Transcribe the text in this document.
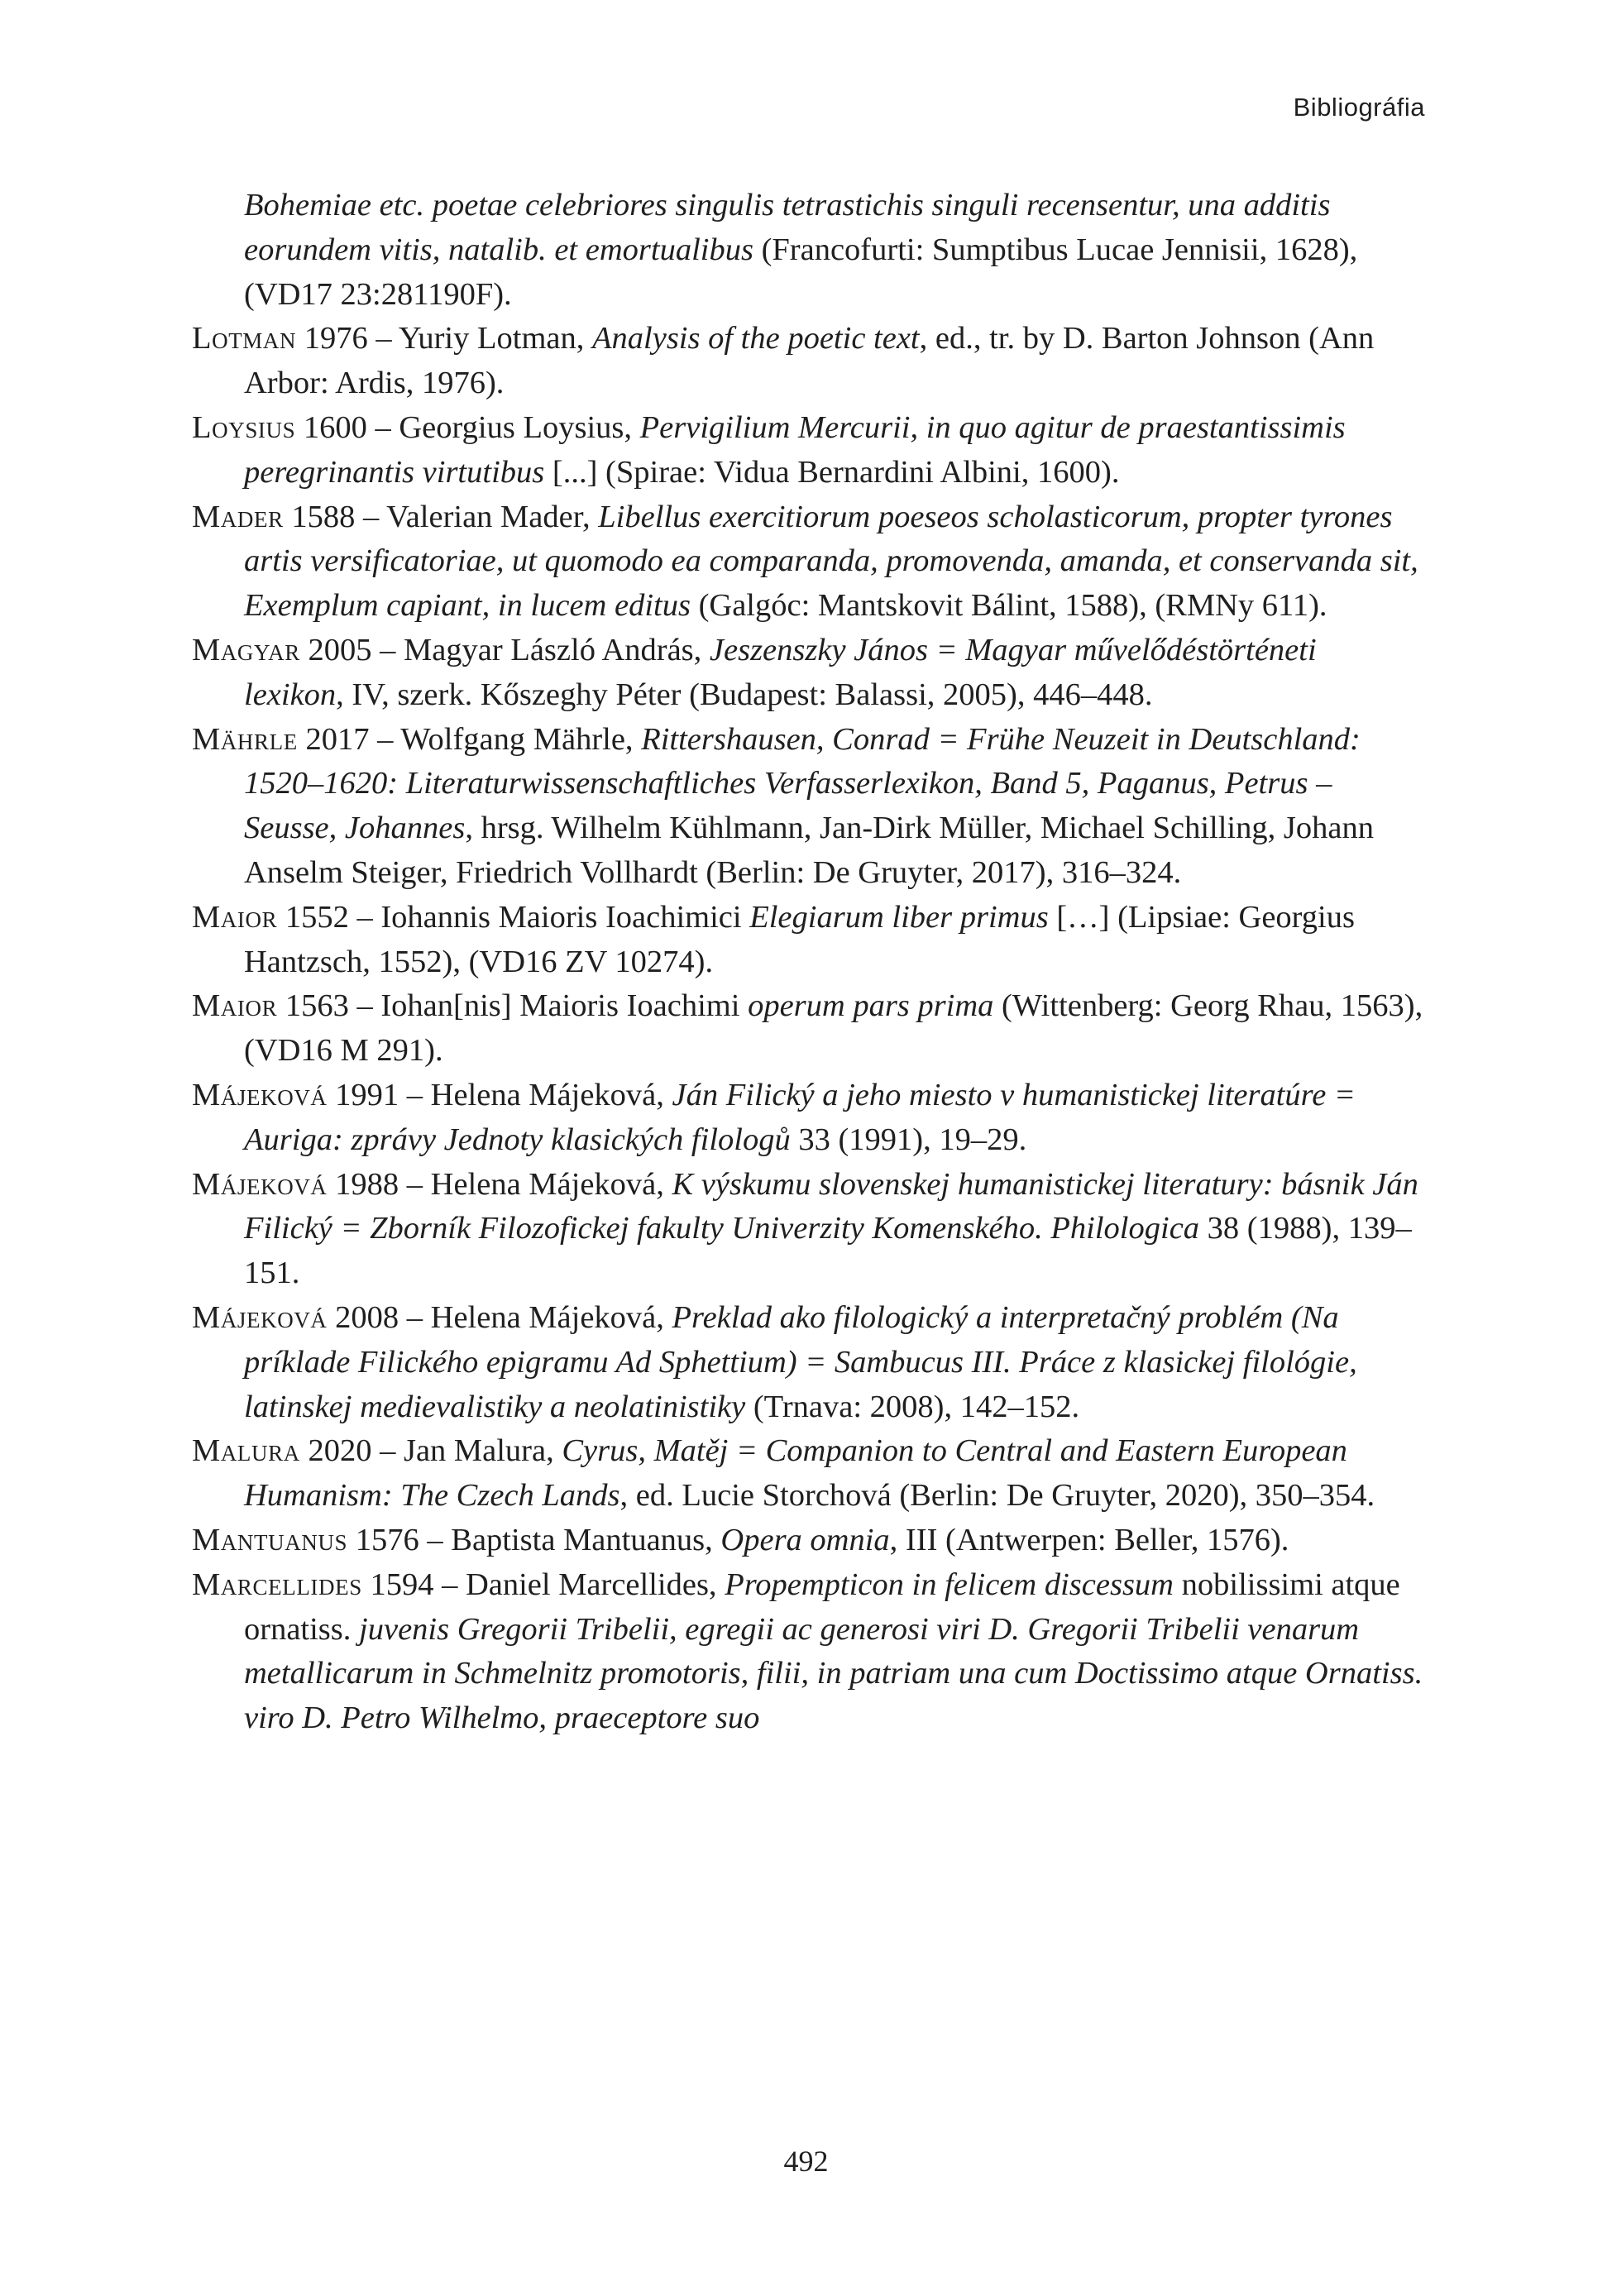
Bibliográfia

Bohemiae etc. poetae celebriores singulis tetrastichis singuli recensentur, una additis eorundem vitis, natalib. et emortualibus (Francofurti: Sumptibus Lucae Jennisii, 1628), (VD17 23:281190F).

Lotman 1976 – Yuriy Lotman, Analysis of the poetic text, ed., tr. by D. Barton Johnson (Ann Arbor: Ardis, 1976).

Loysius 1600 – Georgius Loysius, Pervigilium Mercurii, in quo agitur de praestantissimis peregrinantis virtutibus [...] (Spirae: Vidua Bernardini Albini, 1600).

Mader 1588 – Valerian Mader, Libellus exercitiorum poeseos scholasticorum, propter tyrones artis versificatoriae, ut quomodo ea comparanda, promovenda, amanda, et conservanda sit, Exemplum capiant, in lucem editus (Galgóc: Mantskovit Bálint, 1588), (RMNy 611).

Magyar 2005 – Magyar László András, Jeszenszky János = Magyar művelődéstörténeti lexikon, IV, szerk. Kőszeghy Péter (Budapest: Balassi, 2005), 446–448.

Mährle 2017 – Wolfgang Mährle, Rittershausen, Conrad = Frühe Neuzeit in Deutschland: 1520–1620: Literaturwissenschaftliches Verfasserlexikon, Band 5, Paganus, Petrus – Seusse, Johannes, hrsg. Wilhelm Kühlmann, Jan-Dirk Müller, Michael Schilling, Johann Anselm Steiger, Friedrich Vollhardt (Berlin: De Gruyter, 2017), 316–324.

Maior 1552 – Iohannis Maioris Ioachimici Elegiarum liber primus […] (Lipsiae: Georgius Hantzsch, 1552), (VD16 ZV 10274).

Maior 1563 – Iohan[nis] Maioris Ioachimi operum pars prima (Wittenberg: Georg Rhau, 1563), (VD16 M 291).

Májeková 1991 – Helena Májeková, Ján Filický a jeho miesto v humanistickej literatúre = Auriga: zprávy Jednoty klasických filologů 33 (1991), 19–29.

Májeková 1988 – Helena Májeková, K výskumu slovenskej humanistickej literatury: básnik Ján Filický = Zborník Filozofickej fakulty Univerzity Komenského. Philologica 38 (1988), 139–151.

Májeková 2008 – Helena Májeková, Preklad ako filologický a interpretačný problém (Na príklade Filického epigramu Ad Sphettium) = Sambucus III. Práce z klasickej filológie, latinskej medievalistiky a neolatinistiky (Trnava: 2008), 142–152.

Malura 2020 – Jan Malura, Cyrus, Matěj = Companion to Central and Eastern European Humanism: The Czech Lands, ed. Lucie Storchová (Berlin: De Gruyter, 2020), 350–354.

Mantuanus 1576 – Baptista Mantuanus, Opera omnia, III (Antwerpen: Beller, 1576).

Marcellides 1594 – Daniel Marcellides, Propempticon in felicem discessum nobilissimi atque ornatiss. juvenis Gregorii Tribelii, egregii ac generosi viri D. Gregorii Tribelii venarum metallicarum in Schmelnitz promotoris, filii, in patriam una cum Doctissimo atque Ornatiss. viro D. Petro Wilhelmo, praeceptore suo

492
